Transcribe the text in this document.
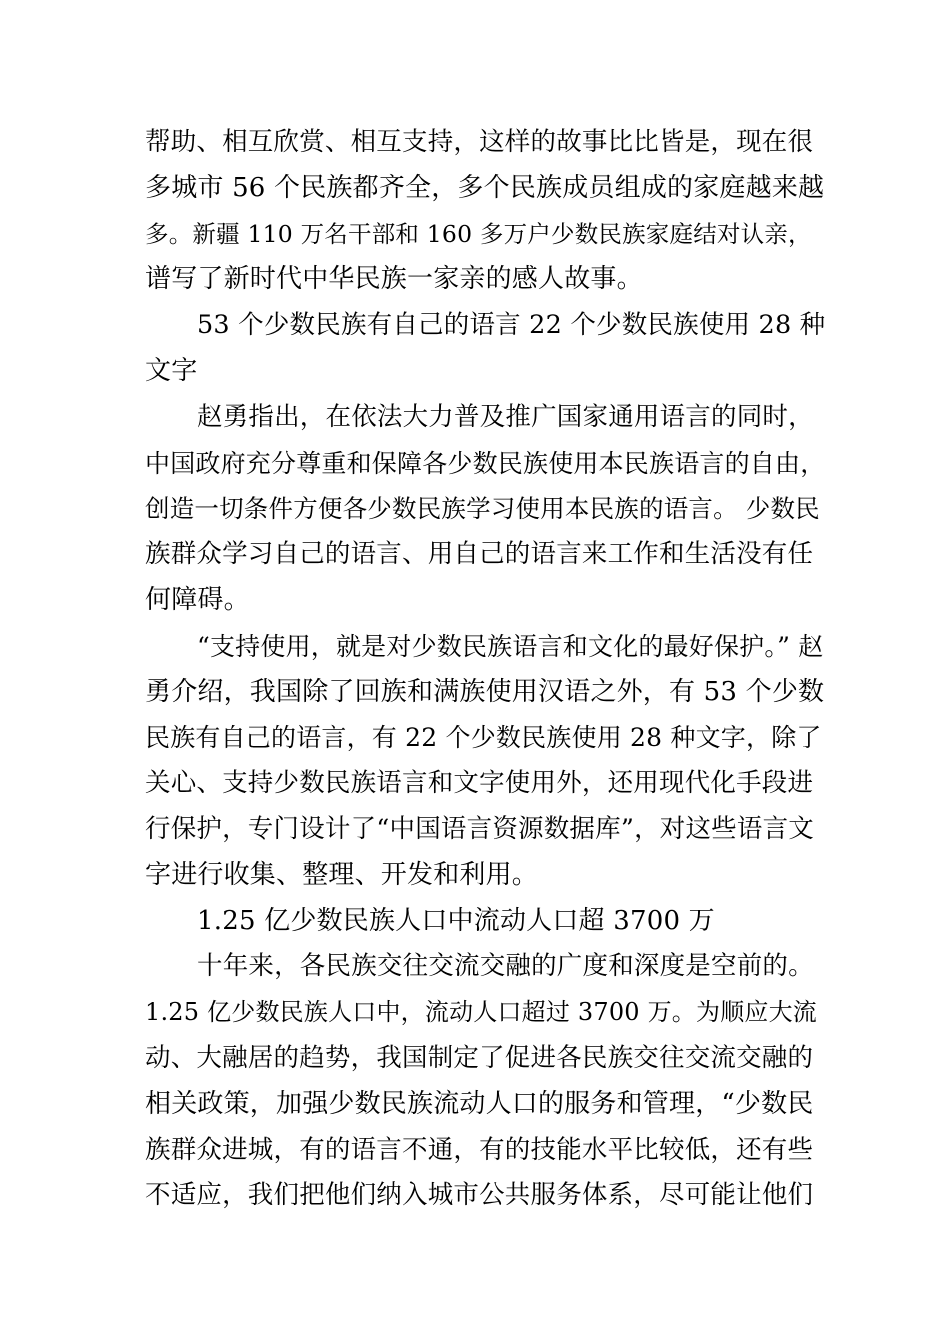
帮助、相互欣赏、相互支持，这样的故事比比皆是，现在很
多城市 56 个民族都齐全，多个民族成员组成的家庭越来越
多。新疆 110 万名干部和 160 多万户少数民族家庭结对认亲，
谱写了新时代中华民族一家亲的感人故事。
53 个少数民族有自己的语言 22 个少数民族使用 28 种
文字
赵勇指出，在依法大力普及推广国家通用语言的同时，
中国政府充分尊重和保障各少数民族使用本民族语言的自由，
创造一切条件方便各少数民族学习使用本民族的语言。 少数民
族群众学习自己的语言、用自己的语言来工作和生活没有任
何障碍。
“支持使用，就是对少数民族语言和文化的最好保护。” 赵
勇介绍，我国除了回族和满族使用汉语之外，有 53 个少数
民族有自己的语言，有 22 个少数民族使用 28 种文字，除了
关心、支持少数民族语言和文字使用外，还用现代化手段进
行保护，专门设计了“中国语言资源数据库”，对这些语言文
字进行收集、整理、开发和利用。
1.25 亿少数民族人口中流动人口超 3700 万
十年来，各民族交往交流交融的广度和深度是空前的。
1.25 亿少数民族人口中，流动人口超过 3700 万。为顺应大流
动、大融居的趋势，我国制定了促进各民族交往交流交融的
相关政策，加强少数民族流动人口的服务和管理，“少数民
族群众进城，有的语言不通，有的技能水平比较低，还有些
不适应，我们把他们纳入城市公共服务体系，尽可能让他们
